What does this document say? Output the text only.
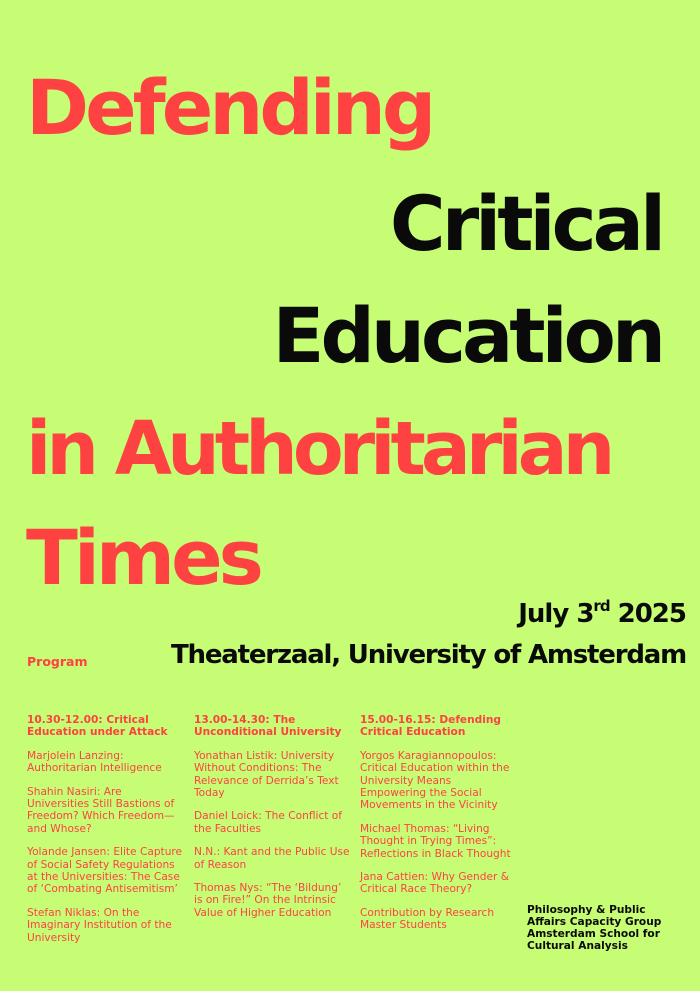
Defending
Critical
Education
in Authoritarian
Times

July 3rd 2025

Theaterzaal, University of Amsterdam

Program

10.30-12.00: Critical Education under Attack

Marjolein Lanzing: Authoritarian Intelligence

Shahin Nasiri: Are Universities Still Bastions of Freedom? Which Freedom—and Whose?

Yolande Jansen: Elite Capture of Social Safety Regulations at the Universities: The Case of ‘Combating Antisemitism’

Stefan Niklas: On the Imaginary Institution of the University

13.00-14.30: The Unconditional University

Yonathan Listik: University Without Conditions: The Relevance of Derrida’s Text Today

Daniel Loick: The Conflict of the Faculties

N.N.: Kant and the Public Use of Reason

Thomas Nys: “The ‘Bildung’ is on Fire!” On the Intrinsic Value of Higher Education

15.00-16.15: Defending Critical Education

Yorgos Karagiannopoulos: Critical Education within the University Means Empowering the Social Movements in the Vicinity

Michael Thomas: “Living Thought in Trying Times”: Reflections in Black Thought

Jana Cattien: Why Gender & Critical Race Theory?

Contribution by Research Master Students

Philosophy & Public
Affairs Capacity Group
Amsterdam School for
Cultural Analysis
